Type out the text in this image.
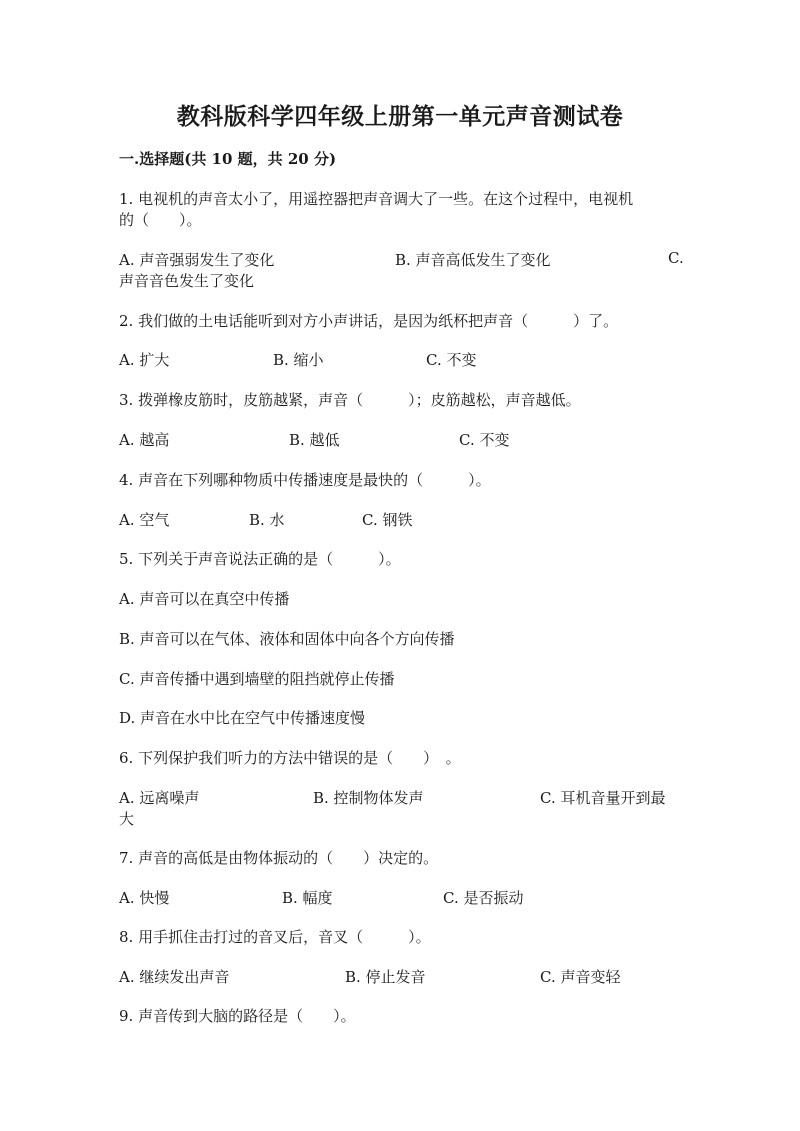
教科版科学四年级上册第一单元声音测试卷
一.选择题(共 10 题，共 20 分)
1. 电视机的声音太小了，用遥控器把声音调大了一些。在这个过程中，电视机
的（　　）。
A. 声音强弱发生了变化	B. 声音高低发生了变化	C.
声音音色发生了变化
2. 我们做的土电话能听到对方小声讲话，是因为纸杯把声音（　　　）了。
A. 扩大	B. 缩小	C. 不变
3. 拨弹橡皮筋时，皮筋越紧，声音（　　　）；皮筋越松，声音越低。
A. 越高	B. 越低	C. 不变
4. 声音在下列哪种物质中传播速度是最快的（　　　）。
A. 空气	B. 水	C. 钢铁
5. 下列关于声音说法正确的是（　　　）。
A. 声音可以在真空中传播
B. 声音可以在气体、液体和固体中向各个方向传播
C. 声音传播中遇到墙壁的阻挡就停止传播
D. 声音在水中比在空气中传播速度慢
6. 下列保护我们听力的方法中错误的是（　　）　。
A. 远离噪声	B. 控制物体发声	C. 耳机音量开到最
大
7. 声音的高低是由物体振动的（　　）决定的。
A. 快慢	B. 幅度	C. 是否振动
8. 用手抓住击打过的音叉后，音叉（　　　）。
A. 继续发出声音	B. 停止发音	C. 声音变轻
9. 声音传到大脑的路径是（　　）。
